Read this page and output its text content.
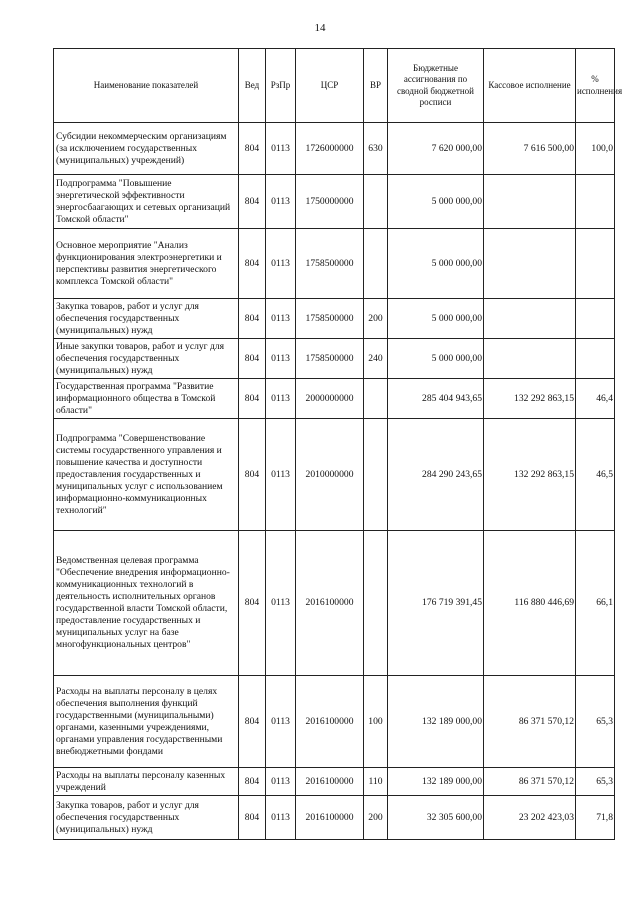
14
Наименование показателей	Вед	РзПр	ЦСР	ВР	Бюджетные ассигнования по сводной бюджетной росписи	Кассовое исполнение	% исполнения
Субсидии некоммерческим организациям (за исключением государственных (муниципальных) учреждений)	804	0113	1726000000	630	7 620 000,00	7 616 500,00	100,0
Подпрограмма "Повышение энергетической эффективности энергосбаагающих и сетевых организаций Томской области"	804	0113	1750000000		5 000 000,00		
Основное мероприятие "Анализ функционирования электроэнергетики и перспективы развития энергетического комплекса Томской области"	804	0113	1758500000		5 000 000,00		
Закупка товаров, работ и услуг для обеспечения государственных (муниципальных) нужд	804	0113	1758500000	200	5 000 000,00		
Иные закупки товаров, работ и услуг для обеспечения государственных (муниципальных) нужд	804	0113	1758500000	240	5 000 000,00		
Государственная программа "Развитие информационного общества в Томской области"	804	0113	2000000000		285 404 943,65	132 292 863,15	46,4
Подпрограмма "Совершенствование системы государственного управления и повышение качества и доступности предоставления государственных и муниципальных услуг с использованием информационно-коммуникационных технологий"	804	0113	2010000000		284 290 243,65	132 292 863,15	46,5
Ведомственная целевая программа "Обеспечение внедрения информационно-коммуникационных технологий в деятельность исполнительных органов государственной власти Томской области, предоставление государственных и муниципальных услуг на базе многофункциональных центров"	804	0113	2016100000		176 719 391,45	116 880 446,69	66,1
Расходы на выплаты персоналу в целях обеспечения выполнения функций государственными (муниципальными) органами, казенными учреждениями, органами управления государственными внебюджетными фондами	804	0113	2016100000	100	132 189 000,00	86 371 570,12	65,3
Расходы на выплаты персоналу казенных учреждений	804	0113	2016100000	110	132 189 000,00	86 371 570,12	65,3
Закупка товаров, работ и услуг для обеспечения государственных (муниципальных) нужд	804	0113	2016100000	200	32 305 600,00	23 202 423,03	71,8
